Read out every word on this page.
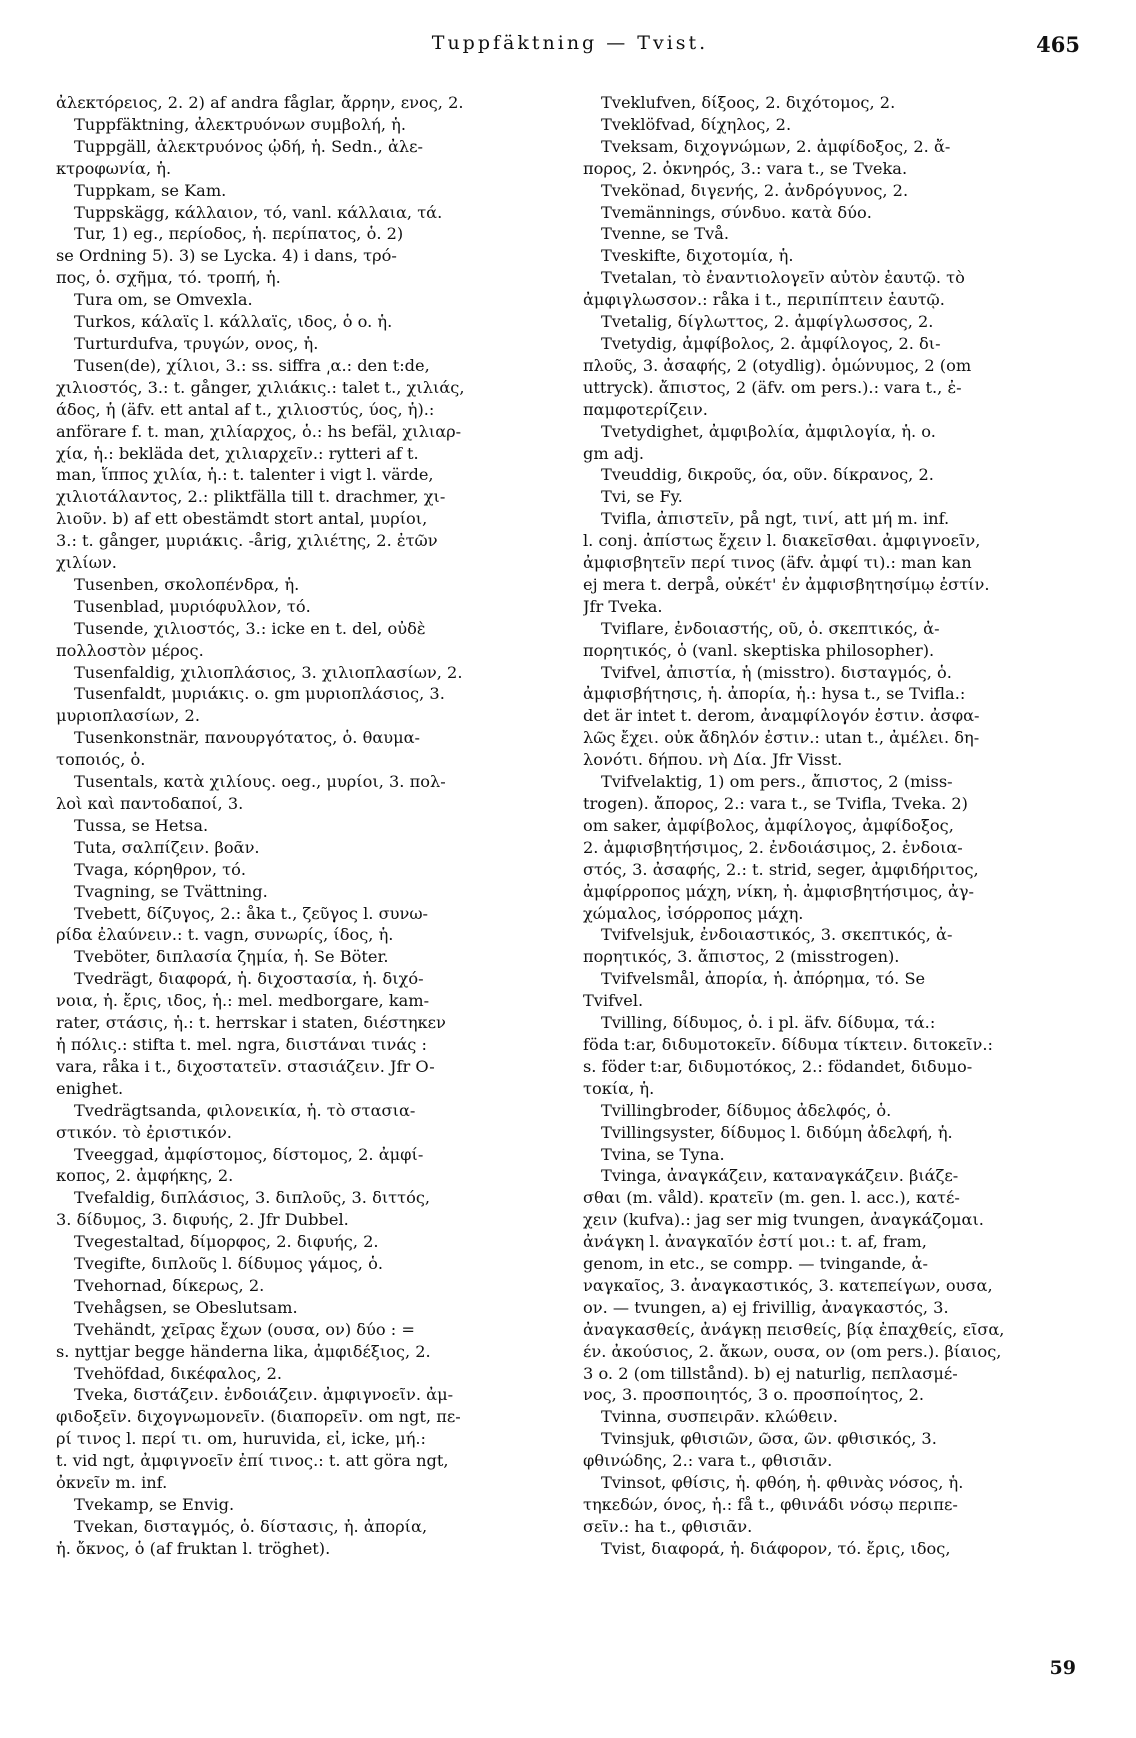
Tuppfäktning — Tvist.	465
ἀλεκτόρειος, 2. 2) af andra fåglar, ἄρρην, ενος, 2.
Tuppfäktning, ἀλεκτρυόνων συμβολή, ἡ.
Tuppgäll, ἀλεκτρυόνος ᾠδή, ἡ. Sedn., ἀλε-
κτροφωνία, ἡ.
Tuppkam, se Kam.
Tuppskägg, κάλλαιον, τό, vanl. κάλλαια, τά.
Tur, 1) eg., περίοδος, ἡ. περίπατος, ὁ. 2)
se Ordning 5). 3) se Lycka. 4) i dans, τρό-
πος, ὁ. σχῆμα, τό. τροπή, ἡ.
Tura om, se Omvexla.
Turkos, κάλαϊς l. κάλλαϊς, ιδος, ὁ o. ἡ.
Turturdufva, τρυγών, ονος, ἡ.
Tusen(de), χίλιοι, 3.: ss. siffra ͵α.: den t:de,
χιλιοστός, 3.: t. gånger, χιλιάκις.: talet t., χιλιάς,
άδος, ἡ (äfv. ett antal af t., χιλιοστύς, ύος, ἡ).:
anförare f. t. man, χιλίαρχος, ὁ.: hs befäl, χιλιαρ-
χία, ἡ.: bekläda det, χιλιαρχεῖν.: rytteri af t.
man, ἵππος χιλία, ἡ.: t. talenter i vigt l. värde,
χιλιοτάλαντος, 2.: pliktfälla till t. drachmer, χι-
λιοῦν. b) af ett obestämdt stort antal, μυρίοι,
3.: t. gånger, μυριάκις. -årig, χιλιέτης, 2. ἐτῶν
χιλίων.
Tusenben, σκολοπένδρα, ἡ.
Tusenblad, μυριόφυλλον, τό.
Tusende, χιλιοστός, 3.: icke en t. del, οὐδὲ
πολλοστὸν μέρος.
Tusenfaldig, χιλιοπλάσιος, 3. χιλιοπλασίων, 2.
Tusenfaldt, μυριάκις. o. gm μυριοπλάσιος, 3.
μυριοπλασίων, 2.
Tusenkonstnär, πανουργότατος, ὁ. θαυμα-
τοποιός, ὁ.
Tusentals, κατὰ χιλίους. oeg., μυρίοι, 3. πολ-
λοὶ καὶ παντοδαποί, 3.
Tussa, se Hetsa.
Tuta, σαλπίζειν. βοᾶν.
Tvaga, κόρηθρον, τό.
Tvagning, se Tvättning.
Tvebett, δίζυγος, 2.: åka t., ζεῦγος l. συνω-
ρίδα ἐλαύνειν.: t. vagn, συνωρίς, ίδος, ἡ.
Tveböter, διπλασία ζημία, ἡ. Se Böter.
Tvedrägt, διαφορά, ἡ. διχοστασία, ἡ. διχό-
νοια, ἡ. ἔρις, ιδος, ἡ.: mel. medborgare, kam-
rater, στάσις, ἡ.: t. herrskar i staten, διέστηκεν
ἡ πόλις.: stifta t. mel. ngra, διιστάναι τινάς :
vara, råka i t., διχοστατεῖν. στασιάζειν. Jfr O-
enighet.
Tvedrägtsanda, φιλονεικία, ἡ. τὸ στασια-
στικόν. τὸ ἐριστικόν.
Tveeggad, ἀμφίστομος, δίστομος, 2. ἀμφί-
κοπος, 2. ἀμφήκης, 2.
Tvefaldig, διπλάσιος, 3. διπλοῦς, 3. διττός,
3. δίδυμος, 3. διφυής, 2. Jfr Dubbel.
Tvegestaltad, δίμορφος, 2. διφυής, 2.
Tvegifte, διπλοῦς l. δίδυμος γάμος, ὁ.
Tvehornad, δίκερως, 2.
Tvehågsen, se Obeslutsam.
Tvehändt, χεῖρας ἔχων (ουσα, ον) δύο : =
s. nyttjar begge händerna lika, ἀμφιδέξιος, 2.
Tvehöfdad, δικέφαλος, 2.
Tveka, διστάζειν. ἐνδοιάζειν. ἀμφιγνοεῖν. ἀμ-
φιδοξεῖν. διχογνωμονεῖν. (διαπορεῖν. om ngt, πε-
ρί τινος l. περί τι. om, huruvida, εἰ, icke, μή.:
t. vid ngt, ἀμφιγνοεῖν ἐπί τινος.: t. att göra ngt,
ὀκνεῖν m. inf.
Tvekamp, se Envig.
Tvekan, δισταγμός, ὁ. δίστασις, ἡ. ἀπορία,
ἡ. ὄκνος, ὁ (af fruktan l. tröghet).
Tveklufven, δίξοος, 2. διχότομος, 2.
Tveklöfvad, δίχηλος, 2.
Tveksam, διχογνώμων, 2. ἀμφίδοξος, 2. ἄ-
πορος, 2. ὀκνηρός, 3.: vara t., se Tveka.
Tvekönad, διγενής, 2. ἀνδρόγυνος, 2.
Tvemännings, σύνδυο. κατὰ δύο.
Tvenne, se Två.
Tveskifte, διχοτομία, ἡ.
Tvetalan, τὸ ἐναντιολογεῖν αὐτὸν ἑαυτῷ. τὸ
ἀμφιγλωσσον.: råka i t., περιπίπτειν ἑαυτῷ.
Tvetalig, δίγλωττος, 2. ἀμφίγλωσσος, 2.
Tvetydig, ἀμφίβολος, 2. ἀμφίλογος, 2. δι-
πλοῦς, 3. ἀσαφής, 2 (otydlig). ὁμώνυμος, 2 (om
uttryck). ἄπιστος, 2 (äfv. om pers.).: vara t., ἐ-
παμφοτερίζειν.
Tvetydighet, ἀμφιβολία, ἀμφιλογία, ἡ. o.
gm adj.
Tveuddig, δικροῦς, όα, οῦν. δίκρανος, 2.
Tvi, se Fy.
Tvifla, ἀπιστεῖν, på ngt, τινί, att μή m. inf.
l. conj. ἀπίστως ἔχειν l. διακεῖσθαι. ἀμφιγνοεῖν,
ἀμφισβητεῖν περί τινος (äfv. ἀμφί τι).: man kan
ej mera t. derpå, οὐκέτ' ἐν ἀμφισβητησίμῳ ἐστίν.
Jfr Tveka.
Tviflare, ἐνδοιαστής, οῦ, ὁ. σκεπτικός, ἀ-
πορητικός, ὁ (vanl. skeptiska philosopher).
Tvifvel, ἀπιστία, ἡ (misstro). δισταγμός, ὁ.
ἀμφισβήτησις, ἡ. ἀπορία, ἡ.: hysa t., se Tvifla.:
det är intet t. derom, ἀναμφίλογόν ἐστιν. ἀσφα-
λῶς ἔχει. οὐκ ἄδηλόν ἐστιν.: utan t., ἀμέλει. δη-
λονότι. δήπου. νὴ Δία. Jfr Visst.
Tvifvelaktig, 1) om pers., ἄπιστος, 2 (miss-
trogen). ἄπορος, 2.: vara t., se Tvifla, Tveka. 2)
om saker, ἀμφίβολος, ἀμφίλογος, ἀμφίδοξος,
2. ἀμφισβητήσιμος, 2. ἐνδοιάσιμος, 2. ἐνδοια-
στός, 3. ἀσαφής, 2.: t. strid, seger, ἀμφιδήριτος,
ἀμφίρροπος μάχη, νίκη, ἡ. ἀμφισβητήσιμος, ἀγ-
χώμαλος, ἰσόρροπος μάχη.
Tvifvelsjuk, ἐνδοιαστικός, 3. σκεπτικός, ἀ-
πορητικός, 3. ἄπιστος, 2 (misstrogen).
Tvifvelsmål, ἀπορία, ἡ. ἀπόρημα, τό. Se
Tvifvel.
Tvilling, δίδυμος, ὁ. i pl. äfv. δίδυμα, τά.:
föda t:ar, διδυμοτοκεῖν. δίδυμα τίκτειν. διτοκεῖν.:
s. föder t:ar, διδυμοτόκος, 2.: födandet, διδυμο-
τοκία, ἡ.
Tvillingbroder, δίδυμος ἀδελφός, ὁ.
Tvillingsyster, δίδυμος l. διδύμη ἀδελφή, ἡ.
Tvina, se Tyna.
Tvinga, ἀναγκάζειν, καταναγκάζειν. βιάζε-
σθαι (m. våld). κρατεῖν (m. gen. l. acc.), κατέ-
χειν (kufva).: jag ser mig tvungen, ἀναγκάζομαι.
ἀνάγκη l. ἀναγκαῖόν ἐστί μοι.: t. af, fram,
genom, in etc., se compp. — tvingande, ἀ-
ναγκαῖος, 3. ἀναγκαστικός, 3. κατεπείγων, ουσα,
ον. — tvungen, a) ej frivillig, ἀναγκαστός, 3.
ἀναγκασθείς, ἀνάγκῃ πεισθείς, βίᾳ ἐπαχθείς, εῖσα,
έν. ἀκούσιος, 2. ἄκων, ουσα, ον (om pers.). βίαιος,
3 o. 2 (om tillstånd). b) ej naturlig, πεπλασμέ-
νος, 3. προσποιητός, 3 o. προσποίητος, 2.
Tvinna, συσπειρᾶν. κλώθειν.
Tvinsjuk, φθισιῶν, ῶσα, ῶν. φθισικός, 3.
φθινώδης, 2.: vara t., φθισιᾶν.
Tvinsot, φθίσις, ἡ. φθόη, ἡ. φθινὰς νόσος, ἡ.
τηκεδών, όνος, ἡ.: få t., φθινάδι νόσῳ περιπε-
σεῖν.: ha t., φθισιᾶν.
Tvist, διαφορά, ἡ. διάφορον, τό. ἔρις, ιδος,
59
